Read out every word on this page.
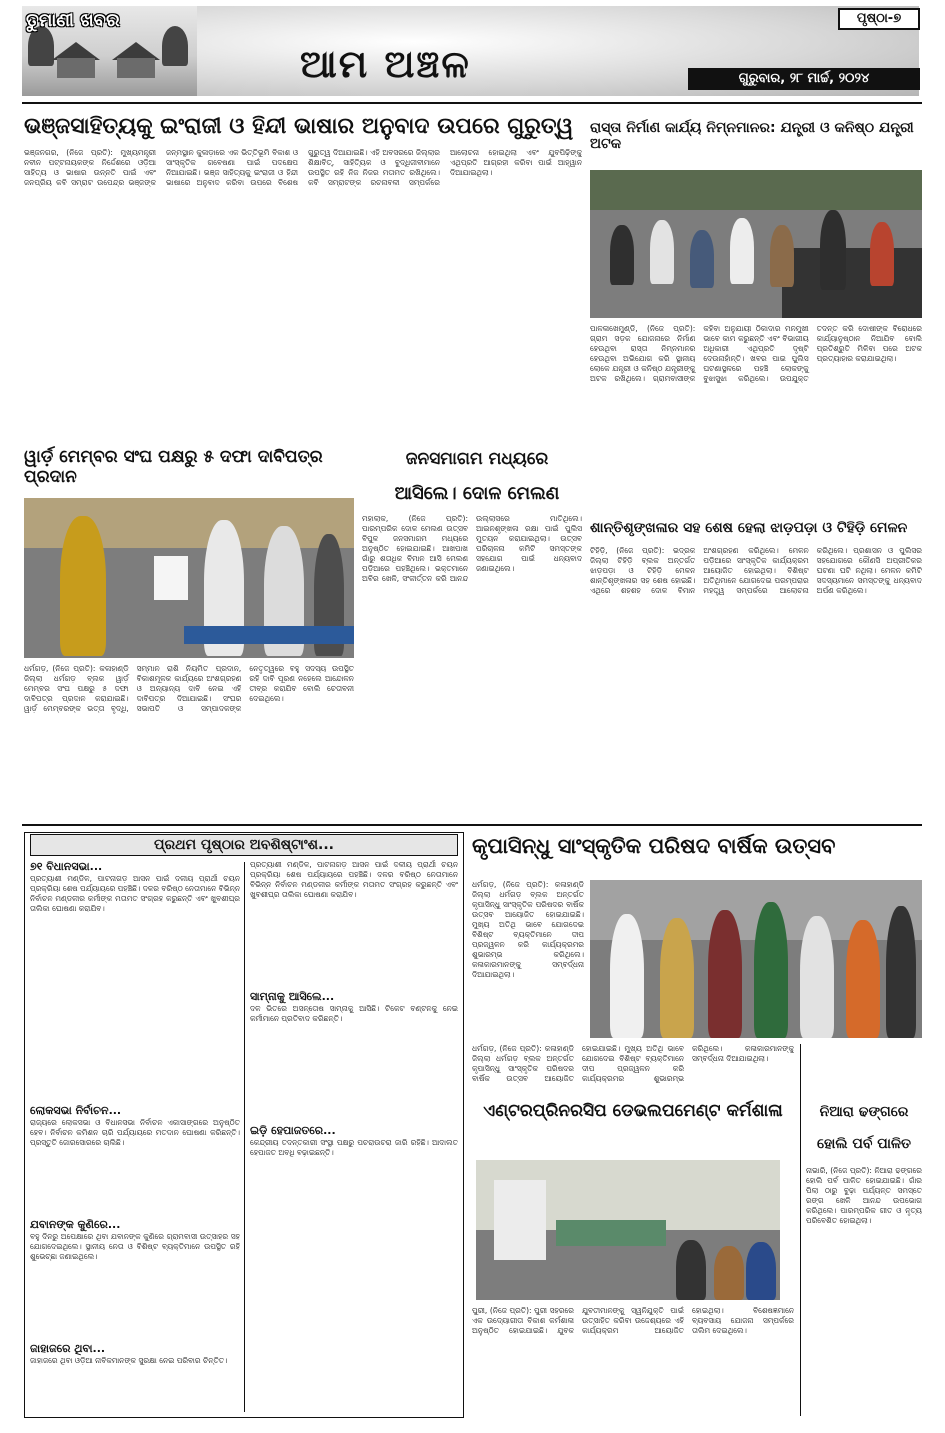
ତୁମାଣୀ ଖବର
ଆମ ଅଞ୍ଚଳ
ପୃଷ୍ଠା-୭
ଗୁରୁବାର, ୨୮ ମାର୍ଚ୍ଚ, ୨୦୨୪
ଭଞ୍ଜସାହିତ୍ୟକୁ ଇଂରାଜୀ ଓ ହିନ୍ଦୀ ଭାଷାର ଅନୁବାଦ ଉପରେ ଗୁରୁତ୍ୱ
ଭଞ୍ଜନଗର, (ନିଜେ ପ୍ରତି): ମୁଖ୍ୟମନ୍ତ୍ରୀ ନବୀନ ପଟ୍ଟନାୟକଙ୍କ ନିର୍ଦ୍ଦେଶରେ ଓଡ଼ିଆ ସାହିତ୍ୟ ଓ ଭାଷାର ଉନ୍ନତି ପାଇଁ ଏବଂ ଜନପ୍ରିୟ କବି ସମ୍ରାଟ ଉପେନ୍ଦ୍ର ଭଞ୍ଜଙ୍କ ଜନ୍ମସ୍ଥାନ କୁଳାଡ଼ାରେ ଏକ ଭିତ୍ତିଭୂମି ବିକାଶ ଓ ସାଂସ୍କୃତିକ ଗବେଷଣା ପାଇଁ ପଦକ୍ଷେପ ନିଆଯାଇଛି। ଭଞ୍ଜ ସାହିତ୍ୟକୁ ଇଂରାଜୀ ଓ ହିନ୍ଦୀ ଭାଷାରେ ଅନୁବାଦ କରିବା ଉପରେ ବିଶେଷ ଗୁରୁତ୍ୱ ଦିଆଯାଇଛି। ଏହି ଅବସରରେ ଜିଲ୍ଲାର ଶିକ୍ଷାବିତ୍, ସାହିତ୍ୟିକ ଓ ବୁଦ୍ଧିଜୀବୀମାନେ ଉପସ୍ଥିତ ରହି ନିଜ ନିଜର ମତାମତ ରଖିଥିଲେ। କବି ସମ୍ରାଟଙ୍କ ରଚନାବଳୀ ସମ୍ପର୍କରେ ଆଲୋଚନା ହୋଇଥିଲା ଏବଂ ଯୁବପିଢ଼ିଙ୍କୁ ଏଥିପ୍ରତି ଆଗ୍ରହୀ କରିବା ପାଇଁ ଆହ୍ୱାନ ଦିଆଯାଇଥିଲା।
ରାସ୍ତା ନିର୍ମାଣ କାର୍ଯ୍ୟ ନିମ୍ନମାନର: ଯନ୍ତ୍ରୀ ଓ କନିଷ୍ଠ ଯନ୍ତ୍ରୀ ଅଟକ
ପାଳଳାଖେମୁଣ୍ଡି, (ନିଜେ ପ୍ରତି): ଗ୍ରାମ ସଡ଼କ ଯୋଜନାରେ ନିର୍ମାଣ ହେଉଥିବା ରାସ୍ତା ନିମ୍ନମାନର ହେଉଥିବା ଅଭିଯୋଗ କରି ସ୍ଥାନୀୟ ଲୋକେ ଯନ୍ତ୍ରୀ ଓ କନିଷ୍ଠ ଯନ୍ତ୍ରୀଙ୍କୁ ଅଟକ ରଖିଥିଲେ। ଗ୍ରାମବାସୀଙ୍କ କହିବା ଅନୁଯାୟୀ ଠିକାଦାର ମନମୁଖୀ ଭାବେ କାମ କରୁଛନ୍ତି ଏବଂ ବିଭାଗୀୟ ଅଧିକାରୀ ଏଥିପ୍ରତି ଦୃଷ୍ଟି ଦେଉନାହାଁନ୍ତି। ଖବର ପାଇ ପୁଲିସ ଘଟଣାସ୍ଥଳରେ ପହଞ୍ଚି ଲୋକଙ୍କୁ ବୁଝାସୁଝା କରିଥିଲେ। ଉପଯୁକ୍ତ ତଦନ୍ତ କରି ଦୋଷୀଙ୍କ ବିରୋଧରେ କାର୍ଯ୍ୟାନୁଷ୍ଠାନ ନିଆଯିବ ବୋଲି ପ୍ରତିଶ୍ରୁତି ମିଳିବା ପରେ ଅଟକ ପ୍ରତ୍ୟାହାର କରାଯାଇଥିଲା।
ୱାର୍ଡ଼ ମେମ୍ବର ସଂଘ ପକ୍ଷରୁ ୫ ଦଫା ଦାବିପତ୍ର ପ୍ରଦାନ
ଧର୍ମଗଡ଼, (ନିଜେ ପ୍ରତି): କଳାହାଣ୍ଡି ଜିଲ୍ଲା ଧର୍ମଗଡ଼ ବ୍ଲକ ୱାର୍ଡ଼ ମେମ୍ବର ସଂଘ ପକ୍ଷରୁ ୫ ଦଫା ଦାବିପତ୍ର ପ୍ରଦାନ କରାଯାଇଛି। ୱାର୍ଡ଼ ମେମ୍ବରଙ୍କ ଭତ୍ତା ବୃଦ୍ଧି, ସମ୍ମାନ ରାଶି ନିୟମିତ ପ୍ରଦାନ, ବିକାଶମୂଳକ କାର୍ଯ୍ୟରେ ଅଂଶଗ୍ରହଣ ଓ ଅନ୍ୟାନ୍ୟ ଦାବି ନେଇ ଏହି ଦାବିପତ୍ର ଦିଆଯାଇଛି। ସଂଘର ସଭାପତି ଓ ସମ୍ପାଦକଙ୍କ ନେତୃତ୍ୱରେ ବହୁ ସଦସ୍ୟ ଉପସ୍ଥିତ ରହି ଦାବି ପୂରଣ ନହେଲେ ଆନ୍ଦୋଳନ ତୀବ୍ର କରାଯିବ ବୋଲି ଚେତାବନୀ ଦେଇଥିଲେ।
ଜନସମାଗମ ମଧ୍ୟରେ
ଆସିଲେ। ଦୋଳ ମେଲଣ
ମହାଲାକ, (ନିଜେ ପ୍ରତି): ପାରମ୍ପରିକ ଦୋଳ ମେଲଣ ଉତ୍ସବ ବିପୁଳ ଜନସମାଗମ ମଧ୍ୟରେ ଅନୁଷ୍ଠିତ ହୋଇଯାଇଛି। ଆଖପାଖ ଗାଁରୁ ଶତାଧିକ ବିମାନ ଆସି ମେଲଣ ପଡ଼ିଆରେ ପହଞ୍ଚିଥିଲେ। ଭକ୍ତମାନେ ଅବିର ଖେଳି, ସଂକୀର୍ତ୍ତନ କରି ଆନନ୍ଦ ଉଲ୍ଲାସରେ ମାତିଥିଲେ। ଆଇନଶୃଙ୍ଖଳା ରକ୍ଷା ପାଇଁ ପୁଲିସ ମୁତୟନ କରାଯାଇଥିଲା। ଉତ୍ସବ ପରିଚାଳନା କମିଟି ସମସ୍ତଙ୍କ ସହଯୋଗ ପାଇଁ ଧନ୍ୟବାଦ ଜଣାଇଥିଲେ।
ଶାନ୍ତିଶୃଙ୍ଖଳାର ସହ ଶେଷ ହେଲା ଝାଡ଼ପଡ଼ା ଓ ଟିହିଡ଼ି ମେଳନ
ଟିହିଡ଼ି, (ନିଜେ ପ୍ରତି): ଭଦ୍ରକ ଜିଲ୍ଲା ଟିହିଡ଼ି ବ୍ଲକ ଅନ୍ତର୍ଗତ ଝାଡ଼ପଡ଼ା ଓ ଟିହିଡ଼ି ମେଳନ ଶାନ୍ତିଶୃଙ୍ଖଳାର ସହ ଶେଷ ହୋଇଛି। ଏଥିରେ ଶହଶହ ଦୋଳ ବିମାନ ଅଂଶଗ୍ରହଣ କରିଥିଲେ। ମେଳନ ପଡ଼ିଆରେ ସାଂସ୍କୃତିକ କାର୍ଯ୍ୟକ୍ରମ ଆୟୋଜିତ ହୋଇଥିଲା। ବିଶିଷ୍ଟ ଅତିଥିମାନେ ଯୋଗଦେଇ ପରମ୍ପରାର ମହତ୍ତ୍ୱ ସମ୍ପର୍କରେ ଆଲୋଚନା କରିଥିଲେ। ପ୍ରଶାସନ ଓ ପୁଲିସର ସହଯୋଗରେ କୌଣସି ଅପ୍ରୀତିକର ଘଟଣା ଘଟି ନଥିଲା। ମେଳନ କମିଟି ସଦସ୍ୟମାନେ ସମସ୍ତଙ୍କୁ ଧନ୍ୟବାଦ ଅର୍ପଣ କରିଥିଲେ।
ପ୍ରଥମ ପୃଷ୍ଠାର ଅବଶିଷ୍ଟାଂଶ...
୭୧ ବିଧାନସଭା...
ପ୍ରତ୍ୟାଶୀ ମଣ୍ଡିଳ, ପାଟନାଗଡ଼ ଆସନ ପାଇଁ ଦଳୀୟ ପ୍ରାର୍ଥୀ ଚୟନ ପ୍ରକ୍ରିୟା ଶେଷ ପର୍ଯ୍ୟାୟରେ ପହଞ୍ଚିଛି। ଦଳର ବରିଷ୍ଠ ନେତାମାନେ ବିଭିନ୍ନ ନିର୍ବାଚନ ମଣ୍ଡଳୀର କର୍ମୀଙ୍କ ମତାମତ ସଂଗ୍ରହ କରୁଛନ୍ତି ଏବଂ ଖୁବଶୀଘ୍ର ତାଲିକା ଘୋଷଣା କରାଯିବ।
ଲୋକସଭା ନିର୍ବାଚନ...
ରାଜ୍ୟରେ ଲୋକସଭା ଓ ବିଧାନସଭା ନିର୍ବାଚନ ଏକାସାଙ୍ଗରେ ଅନୁଷ୍ଠିତ ହେବ। ନିର୍ବାଚନ କମିଶନ ଚାରି ପର୍ଯ୍ୟାୟରେ ମତଦାନ ଘୋଷଣା କରିଛନ୍ତି। ପ୍ରସ୍ତୁତି ଜୋରସୋରରେ ଚାଲିଛି।
ଯବାନଙ୍କ କୁଣିରେ...
ବହୁ ଦିନରୁ ଅପେକ୍ଷାରେ ଥିବା ଯବାନଙ୍କ କୁଣିରେ ଗ୍ରାମବାସୀ ଉତ୍ସାହର ସହ ଯୋଗଦେଇଥିଲେ। ସ୍ଥାନୀୟ ନେତା ଓ ବିଶିଷ୍ଟ ବ୍ୟକ୍ତିମାନେ ଉପସ୍ଥିତ ରହି ଶୁଭେଚ୍ଛା ଜଣାଇଥିଲେ।
ଜାହାଜରେ ଥିବା...
ଜାହାଜରେ ଥିବା ଓଡ଼ିଆ ନାବିକମାନଙ୍କ ସୁରକ୍ଷା ନେଇ ପରିବାର ଚିନ୍ତିତ।
ପ୍ରତ୍ୟାଶୀ ମଣ୍ଡିଳ, ପାଟନାଗଡ଼ ଆସନ ପାଇଁ ଦଳୀୟ ପ୍ରାର୍ଥୀ ଚୟନ ପ୍ରକ୍ରିୟା ଶେଷ ପର୍ଯ୍ୟାୟରେ ପହଞ୍ଚିଛି। ଦଳର ବରିଷ୍ଠ ନେତାମାନେ ବିଭିନ୍ନ ନିର୍ବାଚନ ମଣ୍ଡଳୀର କର୍ମୀଙ୍କ ମତାମତ ସଂଗ୍ରହ କରୁଛନ୍ତି ଏବଂ ଖୁବଶୀଘ୍ର ତାଲିକା ଘୋଷଣା କରାଯିବ।
ସାମ୍ନାକୁ ଆସିଲେ...
ଦଳ ଭିତରେ ଅସନ୍ତୋଷ ସାମ୍ନାକୁ ଆସିଛି। ଟିକେଟ ବଣ୍ଟନକୁ ନେଇ କର୍ମୀମାନେ ପ୍ରତିବାଦ କରିଛନ୍ତି।
ଇଡ଼ି ହେପାଜତରେ...
କେନ୍ଦ୍ରୀୟ ତଦନ୍ତକାରୀ ସଂସ୍ଥା ପକ୍ଷରୁ ପଚରାଉଚରା ଜାରି ରହିଛି। ଆଦାଲତ ହେପାଜତ ଅବଧି ବଢ଼ାଇଛନ୍ତି।
କୃପାସିନ୍ଧୁ ସାଂସ୍କୃତିକ ପରିଷଦ ବାର୍ଷିକ ଉତ୍ସବ
ଧର୍ମଗଡ଼, (ନିଜେ ପ୍ରତି): କଳାହାଣ୍ଡି ଜିଲ୍ଲା ଧର୍ମଗଡ଼ ବ୍ଲକ ଅନ୍ତର୍ଗତ କୃପାସିନ୍ଧୁ ସାଂସ୍କୃତିକ ପରିଷଦର ବାର୍ଷିକ ଉତ୍ସବ ଆୟୋଜିତ ହୋଇଯାଇଛି। ମୁଖ୍ୟ ଅତିଥି ଭାବେ ଯୋଗଦେଇ ବିଶିଷ୍ଟ ବ୍ୟକ୍ତିମାନେ ଦୀପ ପ୍ରଜ୍ୱଳନ କରି କାର୍ଯ୍ୟକ୍ରମର ଶୁଭାରମ୍ଭ କରିଥିଲେ। କଳାକାରମାନଙ୍କୁ ସମ୍ବର୍ଦ୍ଧନା ଦିଆଯାଇଥିଲା।
ଧର୍ମଗଡ଼, (ନିଜେ ପ୍ରତି): କଳାହାଣ୍ଡି ଜିଲ୍ଲା ଧର୍ମଗଡ଼ ବ୍ଲକ ଅନ୍ତର୍ଗତ କୃପାସିନ୍ଧୁ ସାଂସ୍କୃତିକ ପରିଷଦର ବାର୍ଷିକ ଉତ୍ସବ ଆୟୋଜିତ ହୋଇଯାଇଛି। ମୁଖ୍ୟ ଅତିଥି ଭାବେ ଯୋଗଦେଇ ବିଶିଷ୍ଟ ବ୍ୟକ୍ତିମାନେ ଦୀପ ପ୍ରଜ୍ୱଳନ କରି କାର୍ଯ୍ୟକ୍ରମର ଶୁଭାରମ୍ଭ କରିଥିଲେ। କଳାକାରମାନଙ୍କୁ ସମ୍ବର୍ଦ୍ଧନା ଦିଆଯାଇଥିଲା।
ଏଣ୍ଟରପ୍ରିନରସିପ ଡେଭଲପମେଣ୍ଟ କର୍ମଶାଳା
ପୁରୀ, (ନିଜେ ପ୍ରତି): ପୁରୀ ସହରରେ ଏକ ଉଦ୍ୟୋଗୀତା ବିକାଶ କର୍ମଶାଳା ଅନୁଷ୍ଠିତ ହୋଇଯାଇଛି। ଯୁବକ ଯୁବତୀମାନଙ୍କୁ ସ୍ୱନିଯୁକ୍ତି ପାଇଁ ଉତ୍ସାହିତ କରିବା ଉଦ୍ଦେଶ୍ୟରେ ଏହି କାର୍ଯ୍ୟକ୍ରମ ଆୟୋଜିତ ହୋଇଥିଲା। ବିଶେଷଜ୍ଞମାନେ ବ୍ୟବସାୟ ଯୋଜନା ସମ୍ପର୍କରେ ତାଲିମ ଦେଇଥିଲେ।
ନିଆରା ଢଙ୍ଗରେ
ହୋଲି ପର୍ବ ପାଳିତ
ନାଭାରି, (ନିଜେ ପ୍ରତି): ନିଆରା ଢଙ୍ଗରେ ହୋଲି ପର୍ବ ପାଳିତ ହୋଇଯାଇଛି। ଗାଁର ପିଲା ଠାରୁ ବୁଢ଼ା ପର୍ଯ୍ୟନ୍ତ ସମସ୍ତେ ରଙ୍ଗ ଖେଳି ଆନନ୍ଦ ଉପଭୋଗ କରିଥିଲେ। ପାରମ୍ପରିକ ଗୀତ ଓ ନୃତ୍ୟ ପରିବେଶିତ ହୋଇଥିଲା।
